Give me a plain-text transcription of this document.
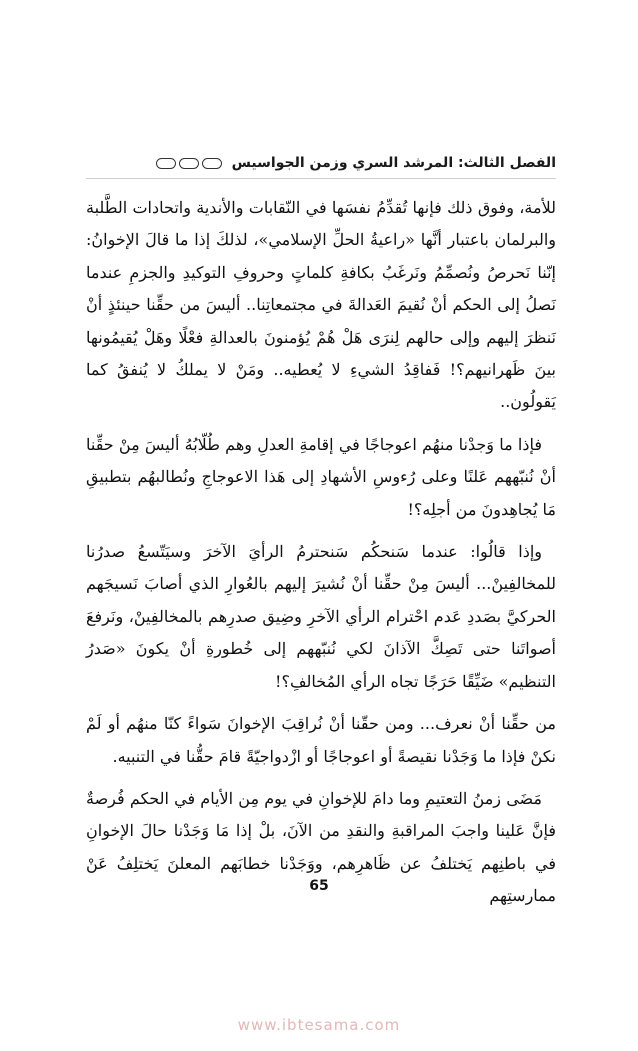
الفصل الثالث: المرشد السري وزمن الجواسيس

للأمة، وفوق ذلك فإنها تُقدِّمُ نفسَها في النّقابات والأندية واتحادات الطَّلبة والبرلمان باعتبار أنَّها «راعيةُ الحلِّ الإسلامي»، لذلكَ إذا ما قالَ الإخوانُ: إنّنا نَحرصُ ونُصمِّمُ ونَرغَبُ بكافةِ كلماتٍ وحروفِ التوكيدِ والجزمِ عندما نَصلُ إلى الحكم أنْ نُقيمَ العَدالةَ في مجتمعاتِنا.. أليسَ من حقِّنا حينئذٍ أنْ نَنظرَ إليهم وإلى حالهم لِنرَى هَلْ هُمْ يُؤمنونَ بالعدالةِ فعْلًا وهَلْ يُقيمُونها بينَ ظَهرانيهم؟! فَفاقِدُ الشيءِ لا يُعطيه.. ومَنْ لا يملكُ لا يُنفقُ كما يَقولُون..

فإذا ما وَجدْنا منهُم اعوجاجًا في إقامةِ العدلِ وهم طُلّابُهُ أليسَ مِنْ حقِّنا أنْ نُنبّههم عَلنًا وعلى رُءوسِ الأشهادِ إلى هَذا الاعوجاجِ ونُطالبهُم بتطبيقِ مَا يُجاهِدونَ من أجلِه؟!

وإذا قالُوا: عندما سَنحكُم سَنحترمُ الرأيَ الآخرَ وسيَتّسعُ صدرُنا للمخالفِينْ... أليسَ مِنْ حقِّنا أنْ نُشيرَ إليهم بالعُوارِ الذي أصابَ نَسيجَهم الحركيَّ بصَددِ عَدم احْترام الرأي الآخرِ وضِيق صدرِهم بالمخالفِينْ، ونَرفعَ أصواتَنا حتى تَصِكَّ الآذانَ لكي نُنبّههم إلى خُطورةِ أنْ يكونَ «صَدرُ التنظيم» ضَيِّقًا حَرَجًا تجاه الرأي المُخالفِ؟!

من حقِّنا أنْ نعرف... ومن حقّنا أنْ نُراقِبَ الإخوانَ سَواءً كنّا منهُم أو لَمْ نكنْ فإذا ما وَجَدْنا نقيصةً أو اعوجاجًا أو ازْدواجيّةً قامَ حقُّنا في التنبيه.

مَضَى زمنُ التعتيمِ وما دامَ للإخوانِ في يوم مِن الأيام في الحكم فُرصةٌ فإنَّ عَلينا واجبَ المراقبةِ والنقدِ من الآنَ، بلْ إذا مَا وَجَدْنا حالَ الإخوانِ في باطنِهم يَختلفُ عن ظَاهرِهم، ووَجَدْنا خطابَهم المعلنَ يَختلِفُ عَنْ ممارستِهم

65
www.ibtesama.com
